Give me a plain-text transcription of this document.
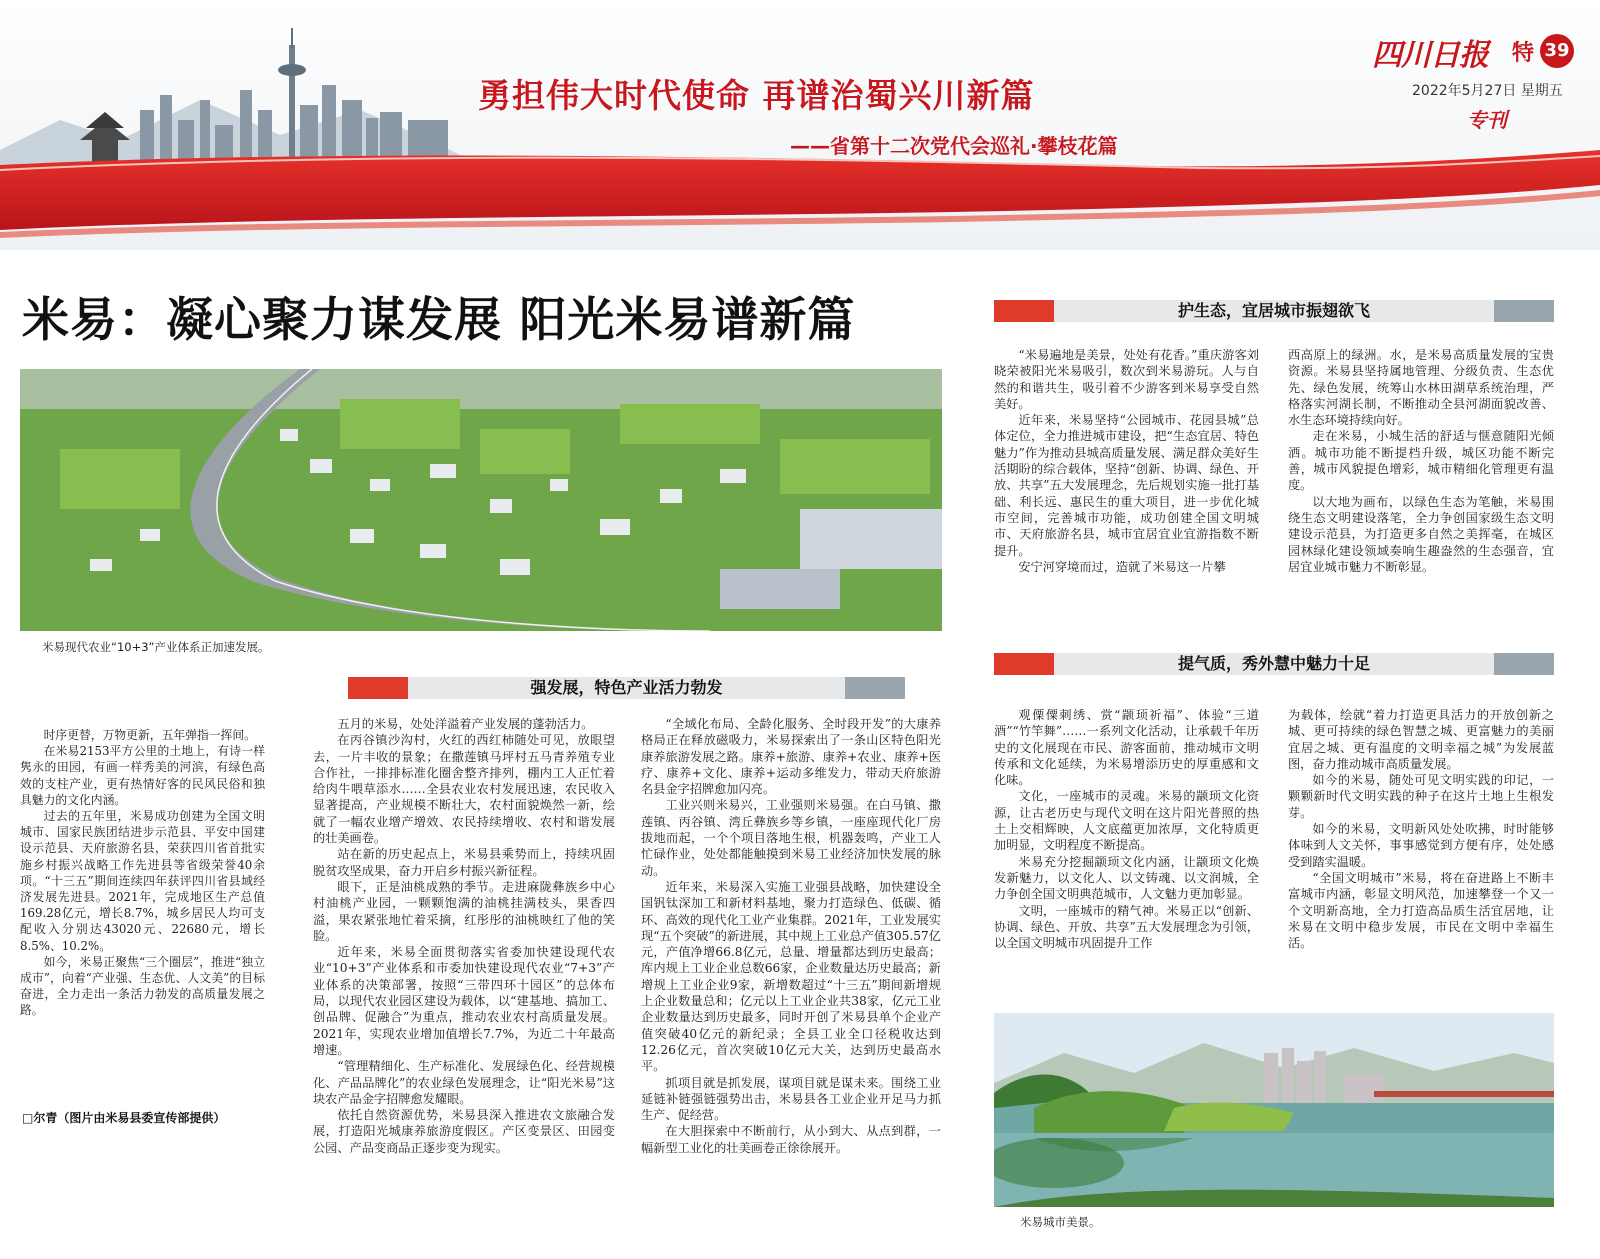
勇担伟大时代使命 再谱治蜀兴川新篇
——省第十二次党代会巡礼·攀枝花篇
四川日报 特 39
2022年5月27日 星期五
专刊
米易：凝心聚力谋发展 阳光米易谱新篇
米易现代农业“10+3”产业体系正加速发展。
强发展，特色产业活力勃发
护生态，宜居城市振翅欲飞
提气质，秀外慧中魅力十足

时序更替，万物更新，五年弹指一挥间。

在米易2153平方公里的土地上，有诗一样隽永的田园，有画一样秀美的河滨，有绿色高效的支柱产业，更有热情好客的民风民俗和独具魅力的文化内涵。

过去的五年里，米易成功创建为全国文明城市、国家民族团结进步示范县、平安中国建设示范县、天府旅游名县，荣获四川省首批实施乡村振兴战略工作先进县等省级荣誉40余项。“十三五”期间连续四年获评四川省县域经济发展先进县。2021年，完成地区生产总值169.28亿元，增长8.7%，城乡居民人均可支配收入分别达43020元、22680元，增长8.5%、10.2%。

如今，米易正聚焦“三个圈层”，推进“独立成市”，向着“产业强、生态优、人文美”的目标奋进，全力走出一条活力勃发的高质量发展之路。

□尔青（图片由米易县委宣传部提供）

五月的米易，处处洋溢着产业发展的蓬勃活力。

在丙谷镇沙沟村，火红的西红柿随处可见，放眼望去，一片丰收的景象；在撒莲镇马坪村五马青养殖专业合作社，一排排标准化圈舍整齐排列，棚内工人正忙着给肉牛喂草添水……全县农业农村发展迅速，农民收入显著提高，产业规模不断壮大，农村面貌焕然一新，绘就了一幅农业增产增效、农民持续增收、农村和谐发展的壮美画卷。

站在新的历史起点上，米易县乘势而上，持续巩固脱贫攻坚成果，奋力开启乡村振兴新征程。

眼下，正是油桃成熟的季节。走进麻陇彝族乡中心村油桃产业园，一颗颗饱满的油桃挂满枝头，果香四溢，果农紧张地忙着采摘，红彤彤的油桃映红了他的笑脸。

近年来，米易全面贯彻落实省委加快建设现代农业“10+3”产业体系和市委加快建设现代农业“7+3”产业体系的决策部署，按照“三带四环十园区”的总体布局，以现代农业园区建设为载体，以“建基地、搞加工、创品牌、促融合”为重点，推动农业农村高质量发展。2021年，实现农业增加值增长7.7%，为近二十年最高增速。

“管理精细化、生产标准化、发展绿色化、经营规模化、产品品牌化”的农业绿色发展理念，让“阳光米易”这块农产品金字招牌愈发耀眼。

依托自然资源优势，米易县深入推进农文旅融合发展，打造阳光城康养旅游度假区。产区变景区、田园变公园、产品变商品正逐步变为现实。

“全域化布局、全龄化服务、全时段开发”的大康养格局正在释放磁吸力，米易探索出了一条山区特色阳光康养旅游发展之路。康养+旅游、康养+农业、康养+医疗、康养+文化、康养+运动多维发力，带动天府旅游名县金字招牌愈加闪亮。

工业兴则米易兴，工业强则米易强。在白马镇、撒莲镇、丙谷镇、湾丘彝族乡等乡镇，一座座现代化厂房拔地而起，一个个项目落地生根，机器轰鸣，产业工人忙碌作业，处处都能触摸到米易工业经济加快发展的脉动。

近年来，米易深入实施工业强县战略，加快建设全国钒钛深加工和新材料基地，聚力打造绿色、低碳、循环、高效的现代化工业产业集群。2021年，工业发展实现“五个突破”的新进展，其中规上工业总产值305.57亿元，产值净增66.8亿元，总量、增量都达到历史最高；库内规上工业企业总数66家，企业数量达历史最高；新增规上工业企业9家，新增数超过“十三五”期间新增规上企业数量总和；亿元以上工业企业共38家，亿元工业企业数量达到历史最多，同时开创了米易县单个企业产值突破40亿元的新纪录；全县工业全口径税收达到12.26亿元，首次突破10亿元大关，达到历史最高水平。

抓项目就是抓发展，谋项目就是谋未来。围绕工业延链补链强链强势出击，米易县各工业企业开足马力抓生产、促经营。

在大胆探索中不断前行，从小到大、从点到群，一幅新型工业化的壮美画卷正徐徐展开。

“米易遍地是美景，处处有花香。”重庆游客刘晓荣被阳光米易吸引，数次到米易游玩。人与自然的和谐共生，吸引着不少游客到米易享受自然美好。

近年来，米易坚持“公园城市、花园县城”总体定位，全力推进城市建设，把“生态宜居、特色魅力”作为推动县城高质量发展、满足群众美好生活期盼的综合载体，坚持“创新、协调、绿色、开放、共享”五大发展理念，先后规划实施一批打基础、利长远、惠民生的重大项目，进一步优化城市空间，完善城市功能，成功创建全国文明城市、天府旅游名县，城市宜居宜业宜游指数不断提升。

安宁河穿境而过，造就了米易这一片攀

西高原上的绿洲。水，是米易高质量发展的宝贵资源。米易县坚持属地管理、分级负责、生态优先、绿色发展，统筹山水林田湖草系统治理，严格落实河湖长制，不断推动全县河湖面貌改善、水生态环境持续向好。

走在米易，小城生活的舒适与惬意随阳光倾洒。城市功能不断提档升级，城区功能不断完善，城市风貌提色增彩，城市精细化管理更有温度。

以大地为画布，以绿色生态为笔触，米易围绕生态文明建设落笔，全力争创国家级生态文明建设示范县，为打造更多自然之美挥毫，在城区园林绿化建设领域奏响生趣盎然的生态强音，宜居宜业城市魅力不断彰显。

观傈僳刺绣、赏“颛顼祈福”、体验“三道酒”“竹竿舞”……一系列文化活动，让承载千年历史的文化展现在市民、游客面前，推动城市文明传承和文化延续，为米易增添历史的厚重感和文化味。

文化，一座城市的灵魂。米易的颛顼文化资源，让古老历史与现代文明在这片阳光普照的热土上交相辉映，人文底蕴更加浓厚，文化特质更加明显，文明程度不断提高。

米易充分挖掘颛顼文化内涵，让颛顼文化焕发新魅力，以文化人、以文铸魂、以文润城，全力争创全国文明典范城市，人文魅力更加彰显。

文明，一座城市的精气神。米易正以“创新、协调、绿色、开放、共享”五大发展理念为引领，以全国文明城市巩固提升工作

为载体，绘就“着力打造更具活力的开放创新之城、更可持续的绿色智慧之城、更富魅力的美丽宜居之城、更有温度的文明幸福之城”为发展蓝图，奋力推动城市高质量发展。

如今的米易，随处可见文明实践的印记，一颗颗新时代文明实践的种子在这片土地上生根发芽。

如今的米易，文明新风处处吹拂，时时能够体味到人文关怀，事事感觉到方便有序，处处感受到踏实温暖。

“全国文明城市”米易，将在奋进路上不断丰富城市内涵，彰显文明风范，加速攀登一个又一个文明新高地，全力打造高品质生活宜居地，让米易在文明中稳步发展，市民在文明中幸福生活。

米易城市美景。
